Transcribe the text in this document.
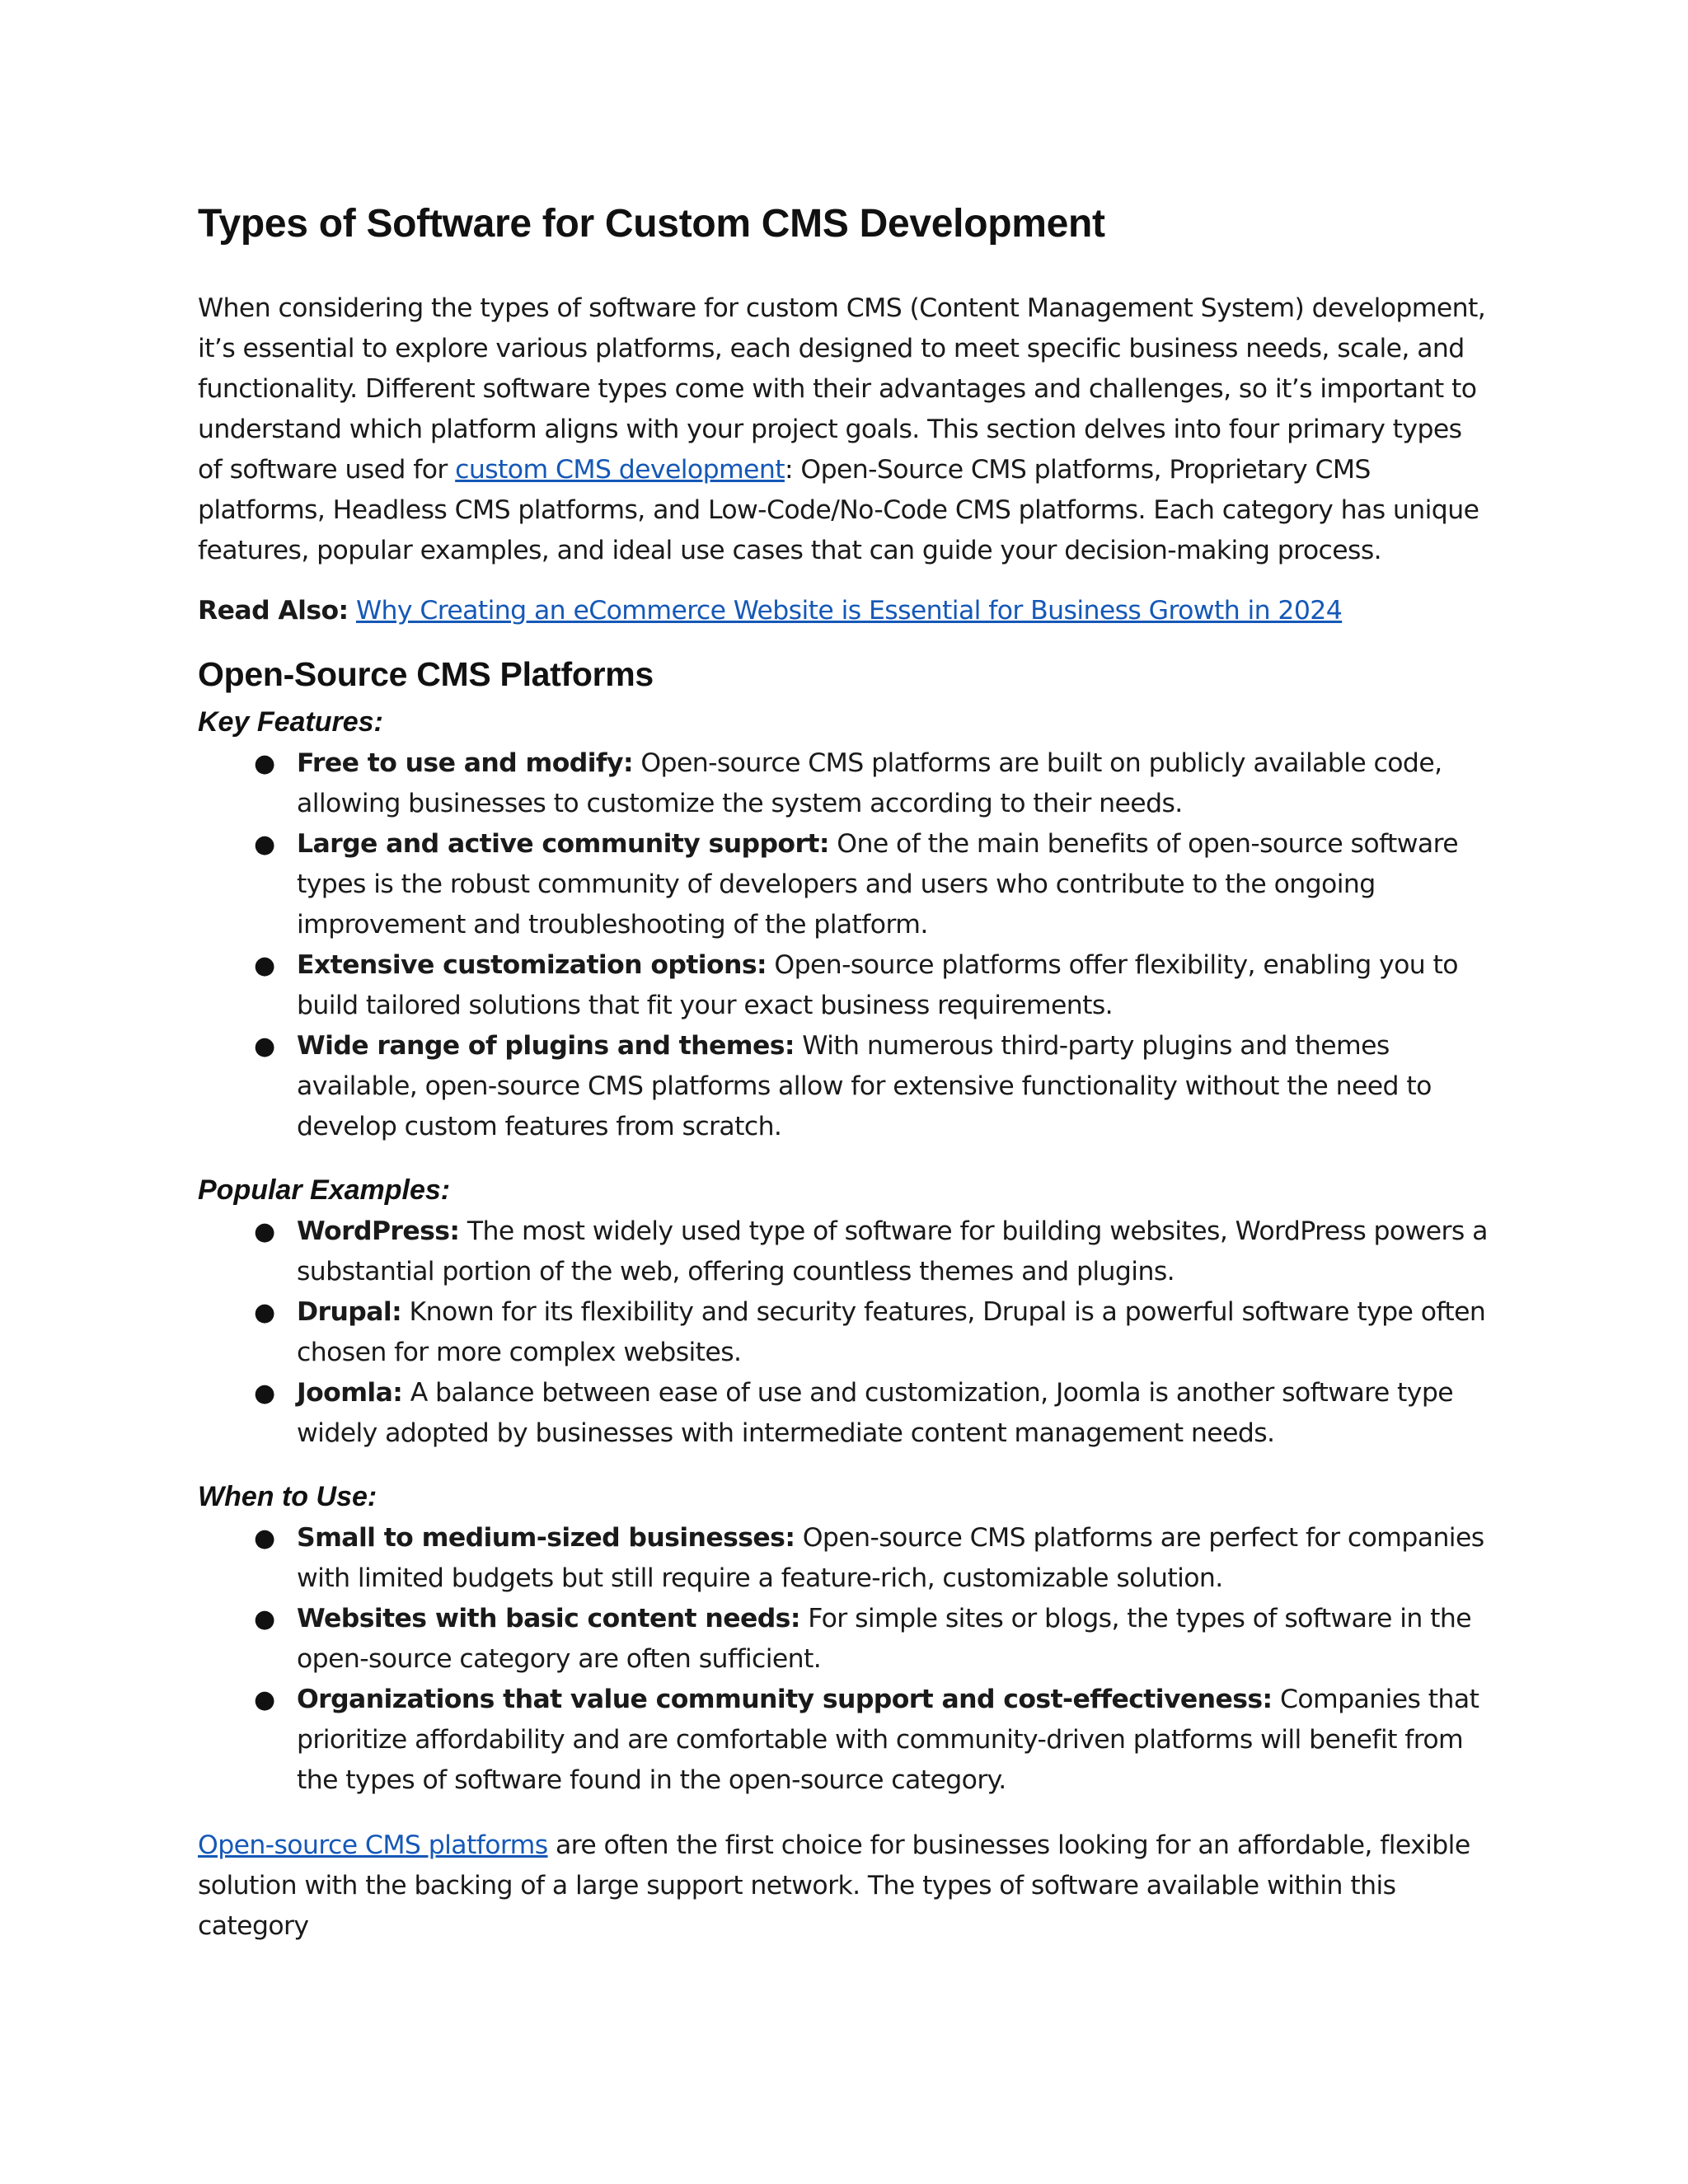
Types of Software for Custom CMS Development

When considering the types of software for custom CMS (Content Management System) development, it’s essential to explore various platforms, each designed to meet specific business needs, scale, and functionality. Different software types come with their advantages and challenges, so it’s important to understand which platform aligns with your project goals. This section delves into four primary types of software used for custom CMS development: Open-Source CMS platforms, Proprietary CMS platforms, Headless CMS platforms, and Low-Code/No-Code CMS platforms. Each category has unique features, popular examples, and ideal use cases that can guide your decision-making process.

Read Also: Why Creating an eCommerce Website is Essential for Business Growth in 2024

Open-Source CMS Platforms
Key Features:
● Free to use and modify: Open-source CMS platforms are built on publicly available code, allowing businesses to customize the system according to their needs.
● Large and active community support: One of the main benefits of open-source software types is the robust community of developers and users who contribute to the ongoing improvement and troubleshooting of the platform.
● Extensive customization options: Open-source platforms offer flexibility, enabling you to build tailored solutions that fit your exact business requirements.
● Wide range of plugins and themes: With numerous third-party plugins and themes available, open-source CMS platforms allow for extensive functionality without the need to develop custom features from scratch.
Popular Examples:
● WordPress: The most widely used type of software for building websites, WordPress powers a substantial portion of the web, offering countless themes and plugins.
● Drupal: Known for its flexibility and security features, Drupal is a powerful software type often chosen for more complex websites.
● Joomla: A balance between ease of use and customization, Joomla is another software type widely adopted by businesses with intermediate content management needs.
When to Use:
● Small to medium-sized businesses: Open-source CMS platforms are perfect for companies with limited budgets but still require a feature-rich, customizable solution.
● Websites with basic content needs: For simple sites or blogs, the types of software in the open-source category are often sufficient.
● Organizations that value community support and cost-effectiveness: Companies that prioritize affordability and are comfortable with community-driven platforms will benefit from the types of software found in the open-source category.

Open-source CMS platforms are often the first choice for businesses looking for an affordable, flexible solution with the backing of a large support network. The types of software available within this category
